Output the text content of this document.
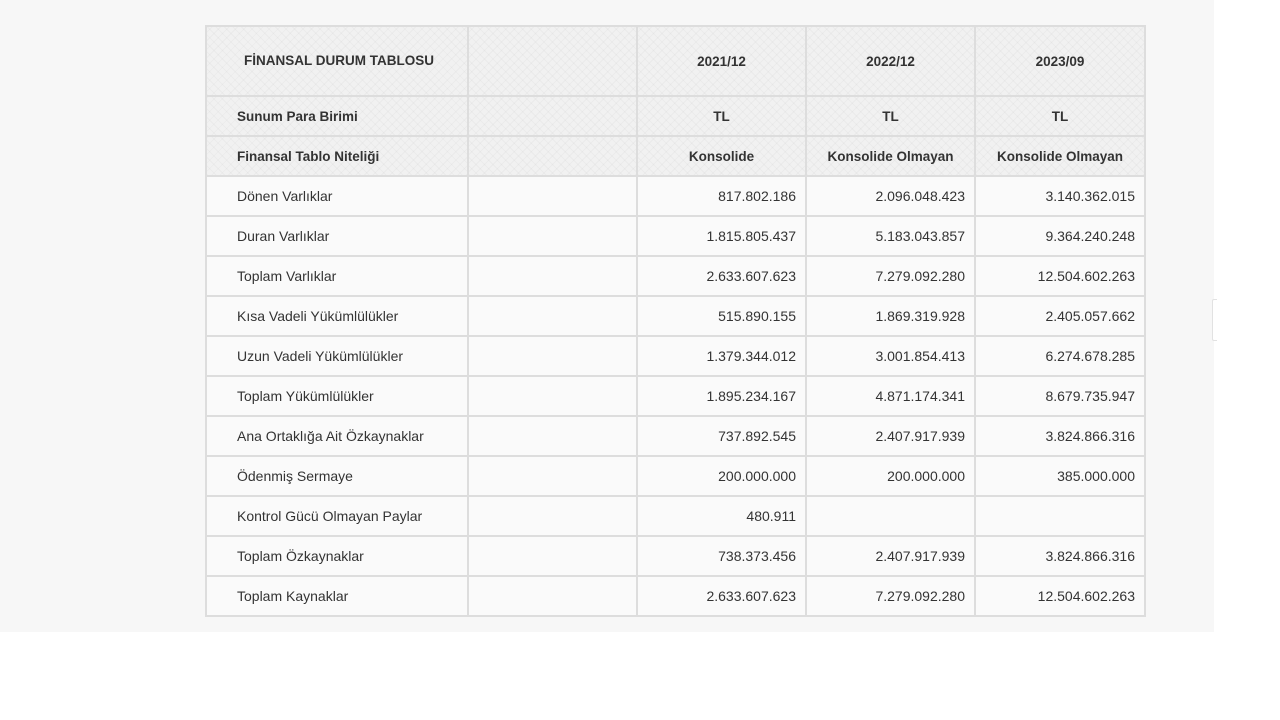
FİNANSAL DURUM TABLOSU		2021/12	2022/12	2023/09
Sunum Para Birimi		TL	TL	TL
Finansal Tablo Niteliği		Konsolide	Konsolide Olmayan	Konsolide Olmayan
Dönen Varlıklar		817.802.186	2.096.048.423	3.140.362.015
Duran Varlıklar		1.815.805.437	5.183.043.857	9.364.240.248
Toplam Varlıklar		2.633.607.623	7.279.092.280	12.504.602.263
Kısa Vadeli Yükümlülükler		515.890.155	1.869.319.928	2.405.057.662
Uzun Vadeli Yükümlülükler		1.379.344.012	3.001.854.413	6.274.678.285
Toplam Yükümlülükler		1.895.234.167	4.871.174.341	8.679.735.947
Ana Ortaklığa Ait Özkaynaklar		737.892.545	2.407.917.939	3.824.866.316
Ödenmiş Sermaye		200.000.000	200.000.000	385.000.000
Kontrol Gücü Olmayan Paylar		480.911		
Toplam Özkaynaklar		738.373.456	2.407.917.939	3.824.866.316
Toplam Kaynaklar		2.633.607.623	7.279.092.280	12.504.602.263
